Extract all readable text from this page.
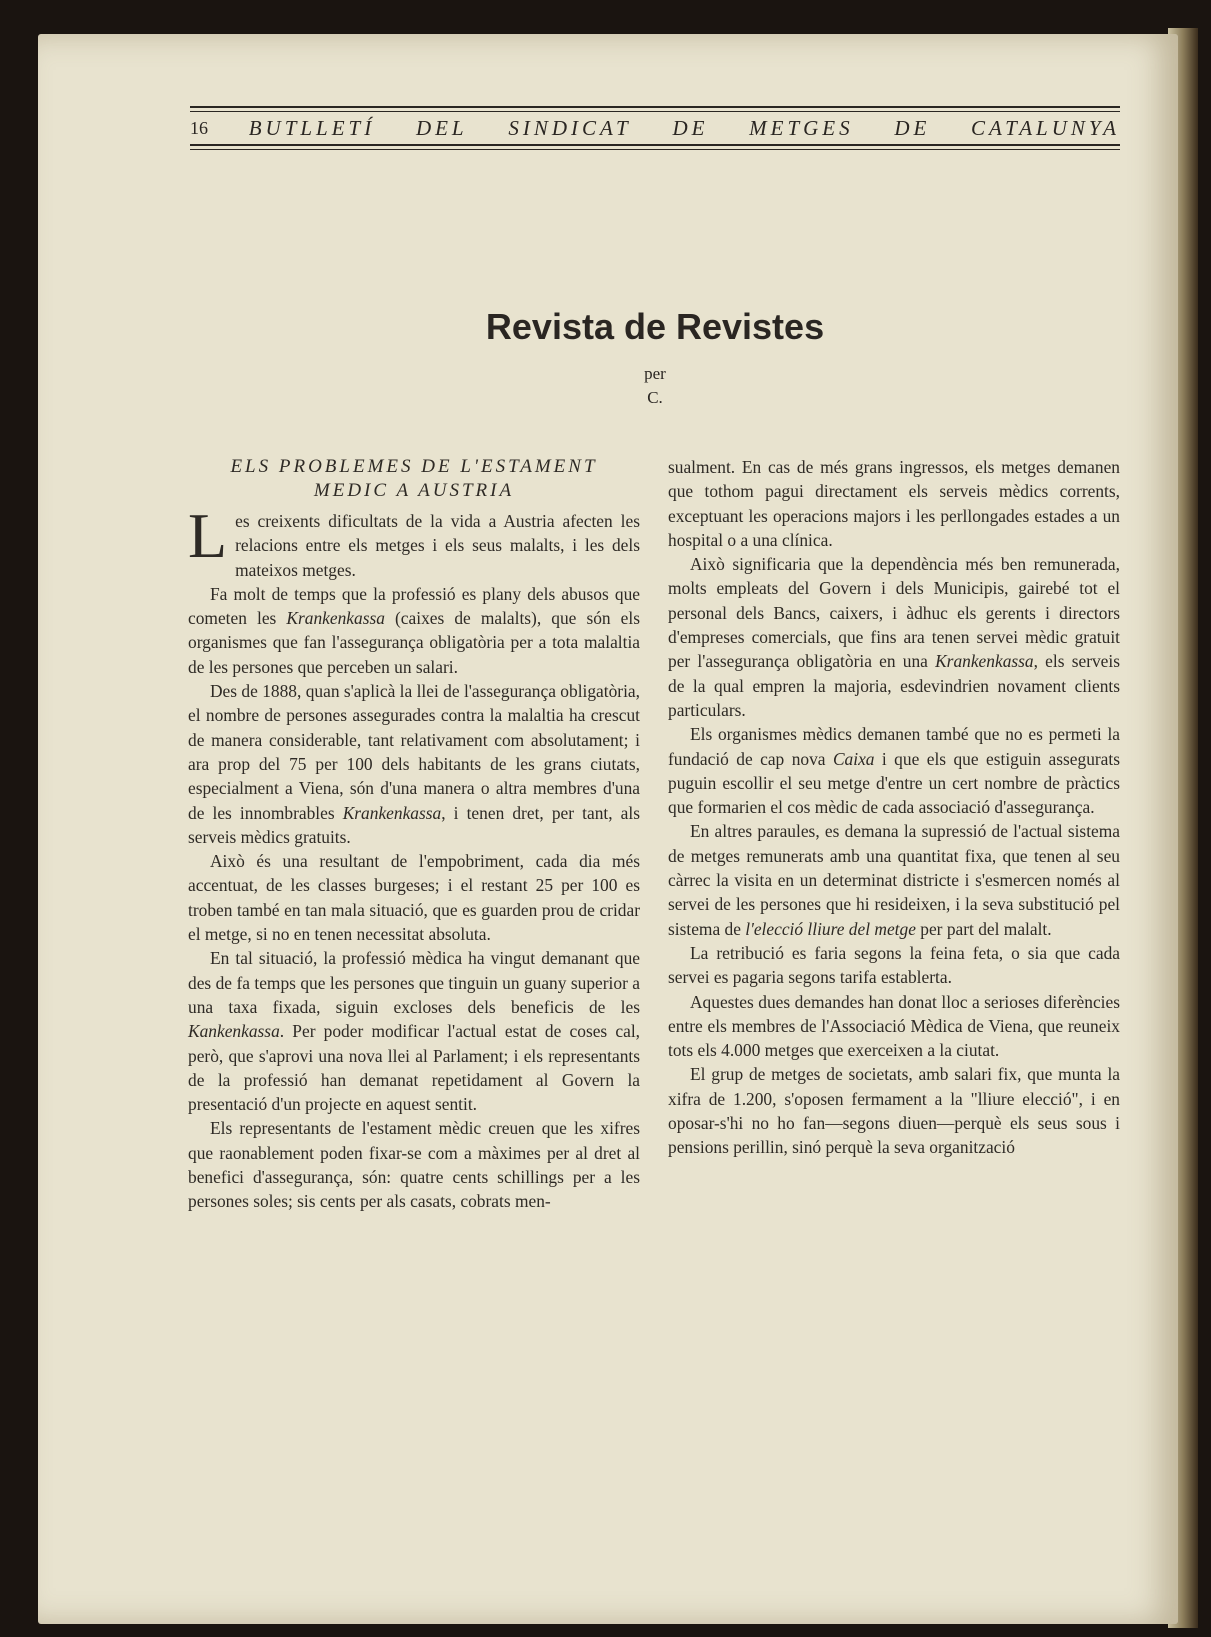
16 BUTLLETÍ DEL SINDICAT DE METGES DE CATALUNYA
Revista de Revistes
per
C.
ELS PROBLEMES DE L'ESTAMENT
MEDIC A AUSTRIA

Les creixents dificultats de la vida a Austria afecten les relacions entre els metges i els seus malalts, i les dels mateixos metges.

Fa molt de temps que la professió es plany dels abusos que cometen les Krankenkassa (caixes de malalts), que són els organismes que fan l'assegurança obligatòria per a tota malaltia de les persones que perceben un salari.

Des de 1888, quan s'aplicà la llei de l'assegurança obligatòria, el nombre de persones assegurades contra la malaltia ha crescut de manera considerable, tant relativament com absolutament; i ara prop del 75 per 100 dels habitants de les grans ciutats, especialment a Viena, són d'una manera o altra membres d'una de les innombrables Krankenkassa, i tenen dret, per tant, als serveis mèdics gratuits.

Això és una resultant de l'empobriment, cada dia més accentuat, de les classes burgeses; i el restant 25 per 100 es troben també en tan mala situació, que es guarden prou de cridar el metge, si no en tenen necessitat absoluta.

En tal situació, la professió mèdica ha vingut demanant que des de fa temps que les persones que tinguin un guany superior a una taxa fixada, siguin excloses dels beneficis de les Kankenkassa. Per poder modificar l'actual estat de coses cal, però, que s'aprovi una nova llei al Parlament; i els representants de la professió han demanat repetidament al Govern la presentació d'un projecte en aquest sentit.

Els representants de l'estament mèdic creuen que les xifres que raonablement poden fixar-se com a màximes per al dret al benefici d'assegurança, són: quatre cents schillings per a les persones soles; sis cents per als casats, cobrats men-

sualment. En cas de més grans ingressos, els metges demanen que tothom pagui directament els serveis mèdics corrents, exceptuant les operacions majors i les perllongades estades a un hospital o a una clínica.

Això significaria que la dependència més ben remunerada, molts empleats del Govern i dels Municipis, gairebé tot el personal dels Bancs, caixers, i àdhuc els gerents i directors d'empreses comercials, que fins ara tenen servei mèdic gratuit per l'assegurança obligatòria en una Krankenkassa, els serveis de la qual empren la majoria, esdevindrien novament clients particulars.

Els organismes mèdics demanen també que no es permeti la fundació de cap nova Caixa i que els que estiguin assegurats puguin escollir el seu metge d'entre un cert nombre de pràctics que formarien el cos mèdic de cada associació d'assegurança.

En altres paraules, es demana la supressió de l'actual sistema de metges remunerats amb una quantitat fixa, que tenen al seu càrrec la visita en un determinat districte i s'esmercen només al servei de les persones que hi resideixen, i la seva substitució pel sistema de l'elecció lliure del metge per part del malalt.

La retribució es faria segons la feina feta, o sia que cada servei es pagaria segons tarifa establerta.

Aquestes dues demandes han donat lloc a serioses diferències entre els membres de l'Associació Mèdica de Viena, que reuneix tots els 4.000 metges que exerceixen a la ciutat.

El grup de metges de societats, amb salari fix, que munta la xifra de 1.200, s'oposen fermament a la "lliure elecció", i en oposar-s'hi no ho fan—segons diuen—perquè els seus sous i pensions perillin, sinó perquè la seva organització
